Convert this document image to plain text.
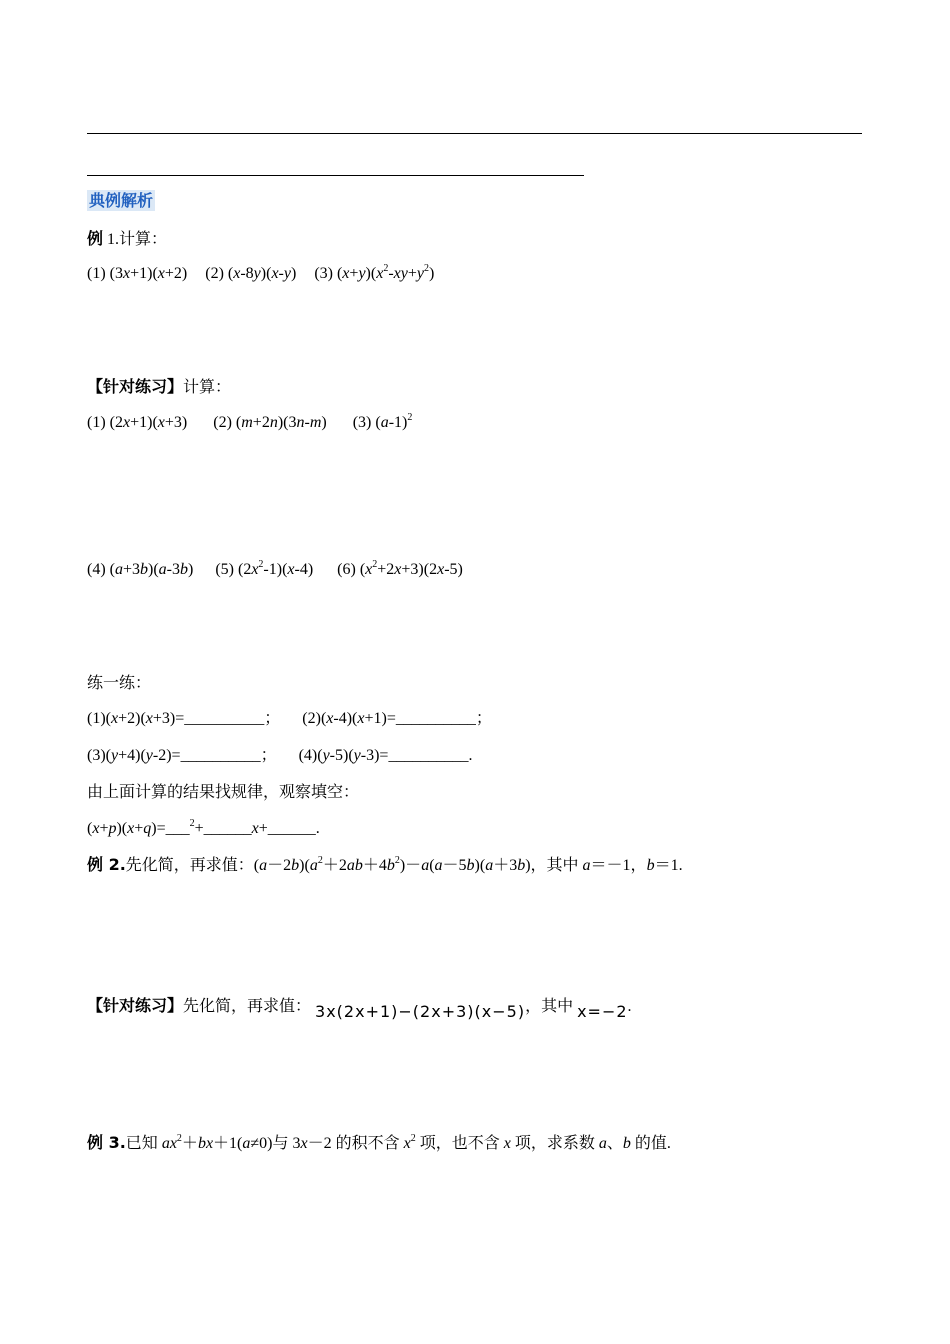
典例解析
例 1.计算：
(1) (3x+1)(x+2) (2) (x-8y)(x-y) (3) $(x+y)(x^2-xy+y^2)$
【针对练习】计算：
(1) (2x+1)(x+3) (2) (m+2n)(3n-m) (3) $(a-1)^2$
(4) (a+3b)(a-3b) (5) $(2x^2-1)(x-4)$ (6) $(x^2+2x+3)(2x-5)$
练一练：
(1)(x+2)(x+3)=__________； (2)(x-4)(x+1)=__________；
(3)(y+4)(y-2)=__________； (4)(y-5)(y-3)=__________.
由上面计算的结果找规律，观察填空：
(x+p)(x+q)=___$^2$+______x+______.
例 2.先化简，再求值：$(a-2b)(a^2+2ab+4b^2)-a(a-5b)(a+3b)$，其中 a＝－1，b＝1.
【针对练习】先化简，再求值： 3x(2x+1)−(2x+3)(x−5)，其中 x=−2.
例 3.已知 $ax^2+bx+1(a\ne 0)$与 3x－2 的积不含 $x^2$ 项，也不含 x 项，求系数 a、b 的值.
